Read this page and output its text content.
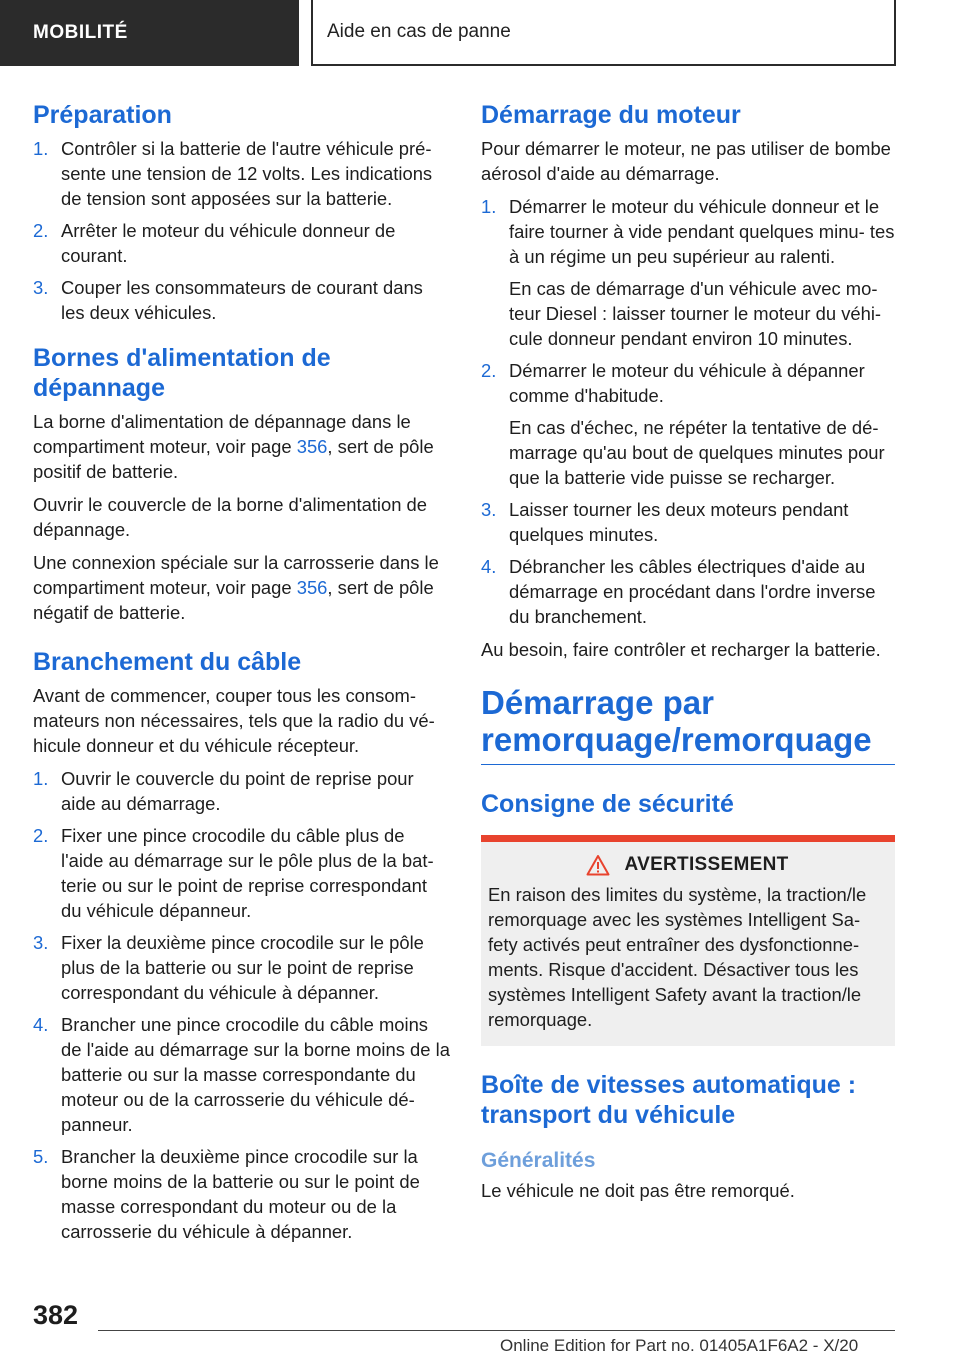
MOBILITÉ	Aide en cas de panne
Préparation
1. Contrôler si la batterie de l'autre véhicule pré- sente une tension de 12 volts. Les indications de tension sont apposées sur la batterie.
2. Arrêter le moteur du véhicule donneur de courant.
3. Couper les consommateurs de courant dans les deux véhicules.
Bornes d'alimentation de dépannage

La borne d'alimentation de dépannage dans le compartiment moteur, voir page 356, sert de pôle positif de batterie.

Ouvrir le couvercle de la borne d'alimentation de dépannage.

Une connexion spéciale sur la carrosserie dans le compartiment moteur, voir page 356, sert de pôle négatif de batterie.

Branchement du câble

Avant de commencer, couper tous les consom- mateurs non nécessaires, tels que la radio du vé- hicule donneur et du véhicule récepteur.

1. Ouvrir le couvercle du point de reprise pour aide au démarrage.
2. Fixer une pince crocodile du câble plus de l'aide au démarrage sur le pôle plus de la bat- terie ou sur le point de reprise correspondant du véhicule dépanneur.
3. Fixer la deuxième pince crocodile sur le pôle plus de la batterie ou sur le point de reprise correspondant du véhicule à dépanner.
4. Brancher une pince crocodile du câble moins de l'aide au démarrage sur la borne moins de la batterie ou sur la masse correspondante du moteur ou de la carrosserie du véhicule dé- panneur.
5. Brancher la deuxième pince crocodile sur la borne moins de la batterie ou sur le point de masse correspondant du moteur ou de la carrosserie du véhicule à dépanner.
Démarrage du moteur

Pour démarrer le moteur, ne pas utiliser de bombe aérosol d'aide au démarrage.

1. Démarrer le moteur du véhicule donneur et le faire tourner à vide pendant quelques minu- tes à un régime un peu supérieur au ralenti.
En cas de démarrage d'un véhicule avec mo- teur Diesel : laisser tourner le moteur du véhi- cule donneur pendant environ 10 minutes.
2. Démarrer le moteur du véhicule à dépanner comme d'habitude.
En cas d'échec, ne répéter la tentative de dé- marrage qu'au bout de quelques minutes pour que la batterie vide puisse se recharger.
3. Laisser tourner les deux moteurs pendant quelques minutes.
4. Débrancher les câbles électriques d'aide au démarrage en procédant dans l'ordre inverse du branchement.

Au besoin, faire contrôler et recharger la batterie.

Démarrage par remorquage/remorquage
Consigne de sécurité
AVERTISSEMENT

En raison des limites du système, la traction/le remorquage avec les systèmes Intelligent Sa- fety activés peut entraîner des dysfonctionne- ments. Risque d'accident. Désactiver tous les systèmes Intelligent Safety avant la traction/le remorquage.

Boîte de vitesses automatique : transport du véhicule
Généralités

Le véhicule ne doit pas être remorqué.

382
Online Edition for Part no. 01405A1F6A2 - X/20
